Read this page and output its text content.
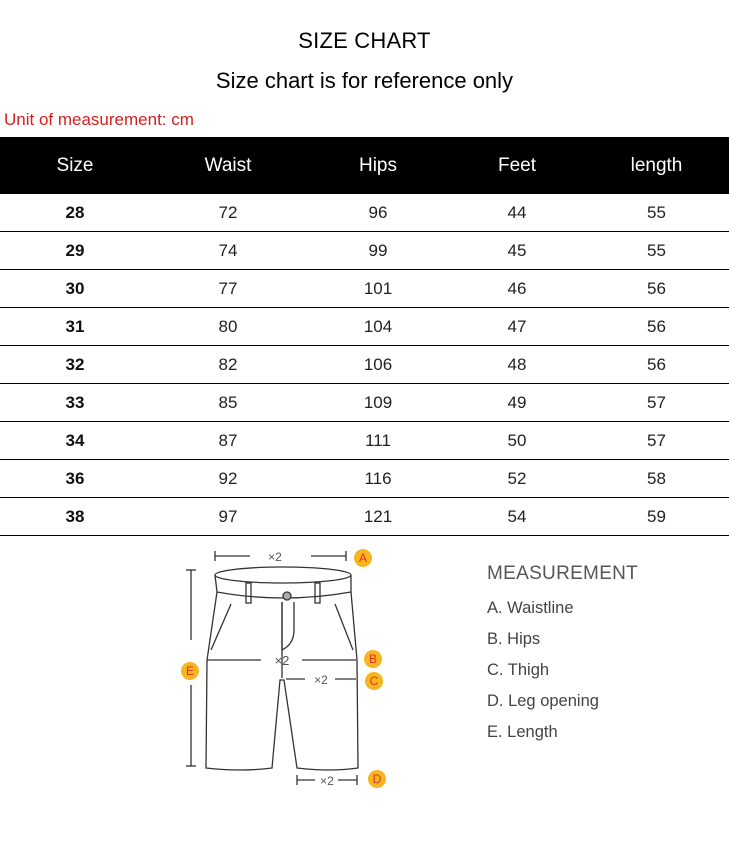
SIZE CHART
Size chart is for reference only
Unit of measurement: cm
Size	Waist	Hips	Feet	length
28	72	96	44	55
29	74	99	45	55
30	77	101	46	56
31	80	104	47	56
32	82	106	48	56
33	85	109	49	57
34	87	111	50	57
36	92	116	52	58
38	97	121	54	59
×2
×2
×2
×2
A
B
C
D
E
MEASUREMENT
A. Waistline
B. Hips
C. Thigh
D. Leg opening
E. Length
